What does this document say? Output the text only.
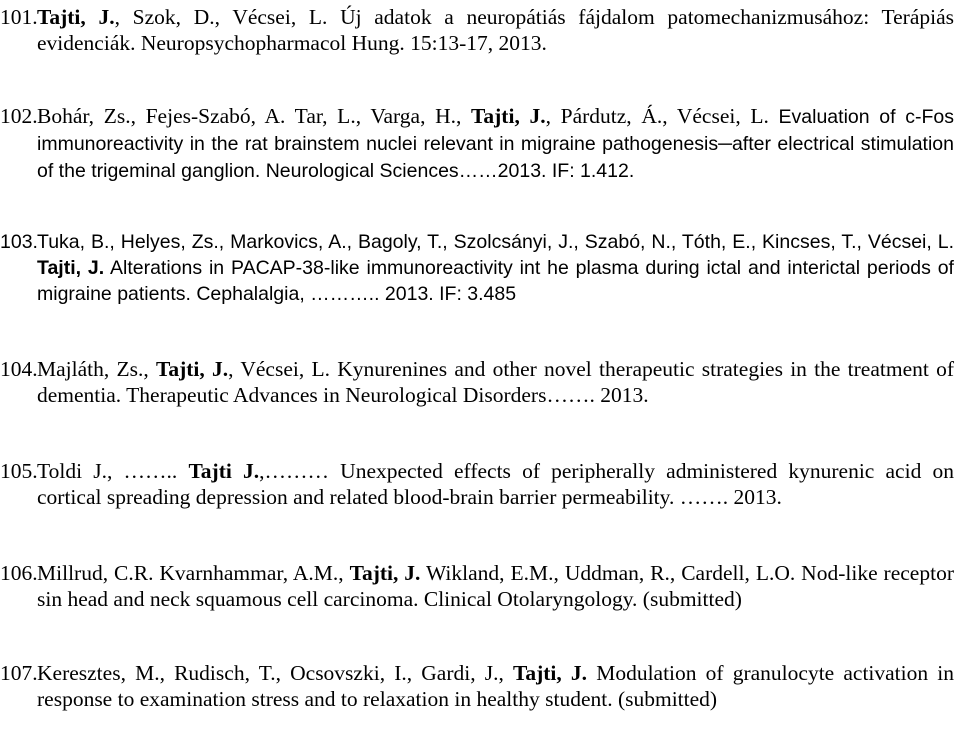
101. Tajti, J., Szok, D., Vécsei, L. Új adatok a neuropátiás fájdalom patomechanizmusához: Terápiás evidenciák. Neuropsychopharmacol Hung. 15:13-17, 2013.

102. Bohár, Zs., Fejes-Szabó, A. Tar, L., Varga, H., Tajti, J., Párdutz, Á., Vécsei, L. Evaluation of c-Fos immunoreactivity in the rat brainstem nuclei relevant in migraine pathogenesis─after electrical stimulation of the trigeminal ganglion. Neurological Sciences……2013. IF: 1.412.

103. Tuka, B., Helyes, Zs., Markovics, A., Bagoly, T., Szolcsányi, J., Szabó, N., Tóth, E., Kincses, T., Vécsei, L. Tajti, J. Alterations in PACAP-38-like immunoreactivity int he plasma during ictal and interictal periods of migraine patients. Cephalalgia, ……….. 2013. IF: 3.485

104. Majláth, Zs., Tajti, J., Vécsei, L. Kynurenines and other novel therapeutic strategies in the treatment of dementia. Therapeutic Advances in Neurological Disorders……. 2013.

105. Toldi J., …….. Tajti J.,……… Unexpected effects of peripherally administered kynurenic acid on cortical spreading depression and related blood-brain barrier permeability. ……. 2013.

106. Millrud, C.R. Kvarnhammar, A.M., Tajti, J. Wikland, E.M., Uddman, R., Cardell, L.O. Nod-like receptor sin head and neck squamous cell carcinoma. Clinical Otolaryngology. (submitted)

107. Keresztes, M., Rudisch, T., Ocsovszki, I., Gardi, J., Tajti, J. Modulation of granulocyte activation in response to examination stress and to relaxation in healthy student. (submitted)
